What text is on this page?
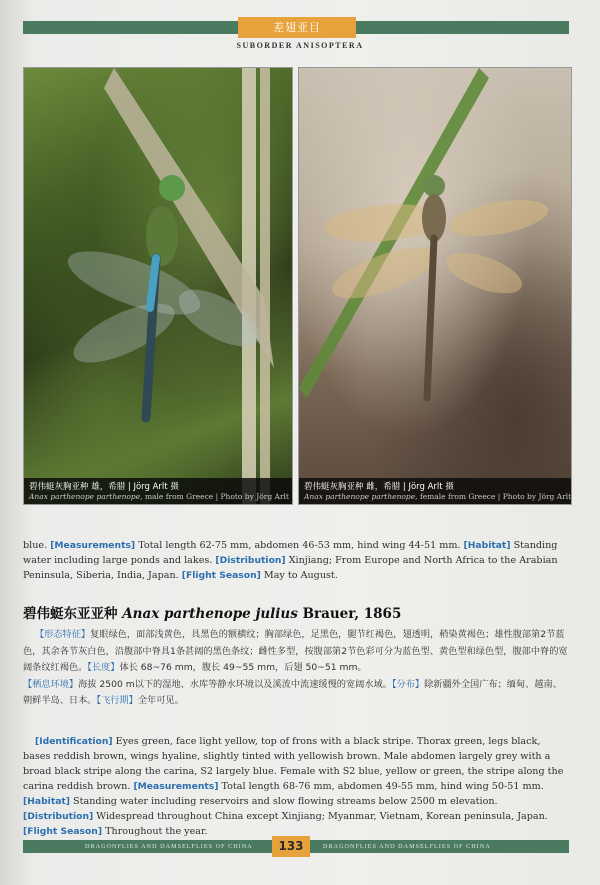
差翅亚目
SUBORDER ANISOPTERA
碧伟蜓灰胸亚种 雄，希腊 | Jörg Arlt 摄
Anax parthenope parthenope, male from Greece | Photo by Jörg Arlt
碧伟蜓灰胸亚种 雌，希腊 | Jörg Arlt 摄
Anax parthenope parthenope, female from Greece | Photo by Jörg Arlt
blue. [Measurements] Total length 62-75 mm, abdomen 46-53 mm, hind wing 44-51 mm. [Habitat] Standing water including large ponds and lakes. [Distribution] Xinjiang; From Europe and North Africa to the Arabian Peninsula, Siberia, India, Japan. [Flight Season] May to August.
碧伟蜓东亚亚种 Anax parthenope julius Brauer, 1865
【形态特征】复眼绿色，面部浅黄色，具黑色的额横纹；胸部绿色，足黑色，腿节红褐色，翅透明，稍染黄褐色；雄性腹部第2节蓝色，其余各节灰白色，沿腹部中脊具1条甚阔的黑色条纹；雌性多型，按腹部第2节色彩可分为蓝色型、黄色型和绿色型，腹部中脊的宽阔条纹红褐色。【长度】体长 68~76 mm，腹长 49~55 mm，后翅 50~51 mm。
【栖息环境】海拔 2500 m以下的湿地、水库等静水环境以及溪流中流速缓慢的宽阔水域。【分布】除新疆外全国广布；缅甸、越南、朝鲜半岛、日本。【飞行期】全年可见。
[Identification] Eyes green, face light yellow, top of frons with a black stripe. Thorax green, legs black, bases reddish brown, wings hyaline, slightly tinted with yellowish brown. Male abdomen largely grey with a broad black stripe along the carina, S2 largely blue. Female with S2 blue, yellow or green, the stripe along the carina reddish brown. [Measurements] Total length 68-76 mm, abdomen 49-55 mm, hind wing 50-51 mm. [Habitat] Standing water including reservoirs and slow flowing streams below 2500 m elevation. [Distribution] Widespread throughout China except Xinjiang; Myanmar, Vietnam, Korean peninsula, Japan. [Flight Season] Throughout the year.
DRAGONFLIES AND DAMSELFLIES OF CHINA	DRAGONFLIES AND DAMSELFLIES OF CHINA
133
